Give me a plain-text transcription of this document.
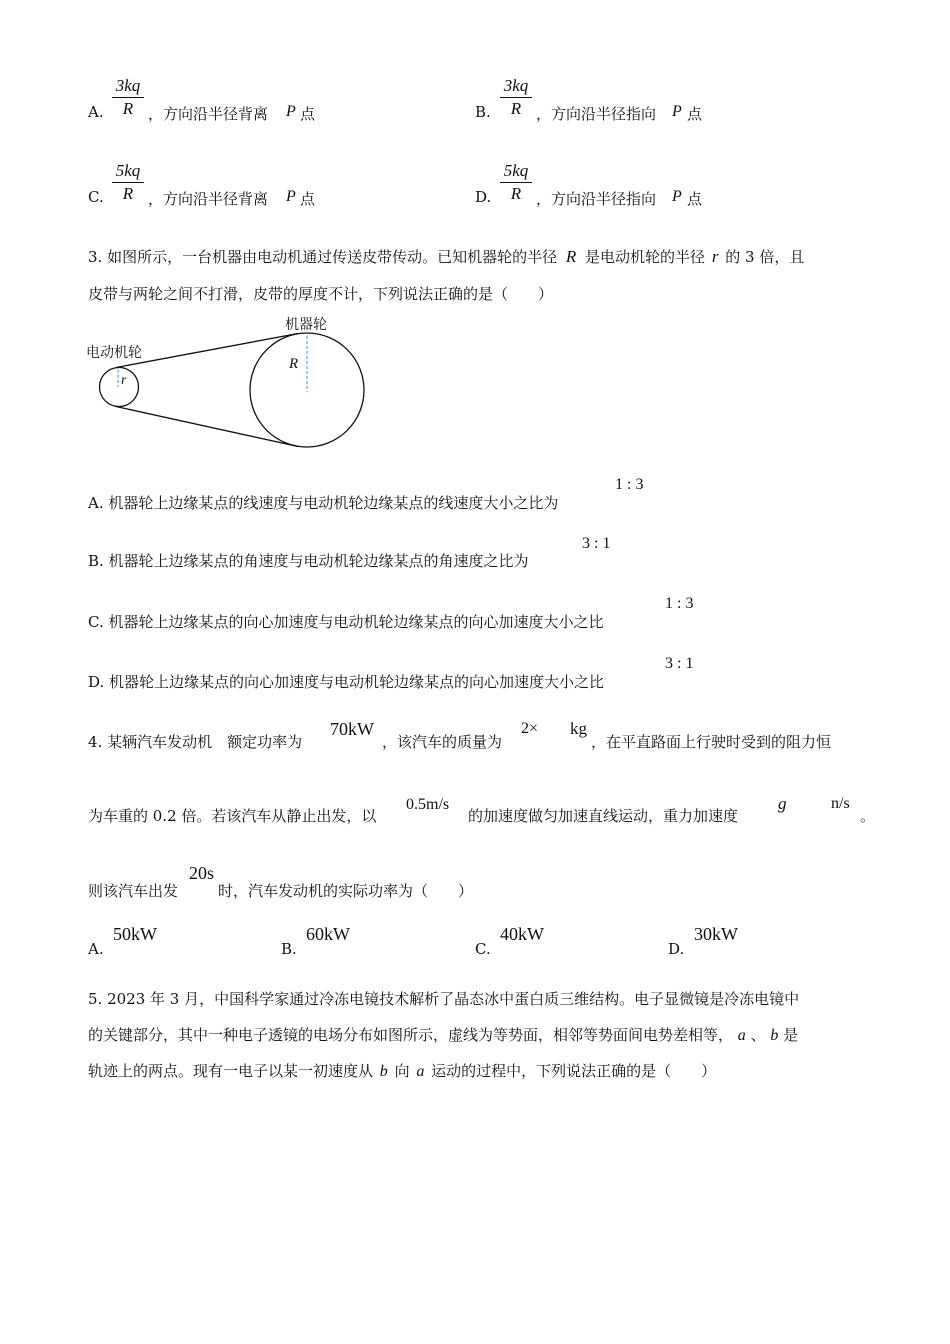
A.
3kq
R ，方向沿半径背离 P 点	B.
3kq
R ，方向沿半径指向 P 点
C.
5kq
R ，方向沿半径背离 P 点	D.
5kq
R ，方向沿半径指向 P 点
3. 如图所示，一台机器由电动机通过传送皮带传动。已知机器轮的半径 R 是电动机轮的半径 r 的 3 倍，且
皮带与两轮之间不打滑，皮带的厚度不计，下列说法正确的是（　　）
电动机轮
机器轮
r
R
A. 机器轮上边缘某点的线速度与电动机轮边缘某点的线速度大小之比为
1 : 3
B. 机器轮上边缘某点的角速度与电动机轮边缘某点的角速度之比为
3 : 1
C. 机器轮上边缘某点的向心加速度与电动机轮边缘某点的向心加速度大小之比
1 : 3
D. 机器轮上边缘某点的向心加速度与电动机轮边缘某点的向心加速度大小之比
3 : 1
4. 某辆汽车发动机　额定功率为
70kW
，该汽车的质量为
2× kg
，在平直路面上行驶时受到的阻力恒
为车重的 0.2 倍。若该汽车从静止出发，以
0.5m/s
的加速度做匀加速直线运动，重力加速度
g	n/s
。
则该汽车出发
20s
时，汽车发动机的实际功率为（　　）
A.
50kW
B.
60kW
C.
40kW
D.
30kW
5. 2023 年 3 月，中国科学家通过冷冻电镜技术解析了晶态冰中蛋白质三维结构。电子显微镜是冷冻电镜中
的关键部分，其中一种电子透镜的电场分布如图所示，虚线为等势面，相邻等势面间电势差相等， a 、 b 是
轨迹上的两点。现有一电子以某一初速度从 b 向 a 运动的过程中，下列说法正确的是（　　）
